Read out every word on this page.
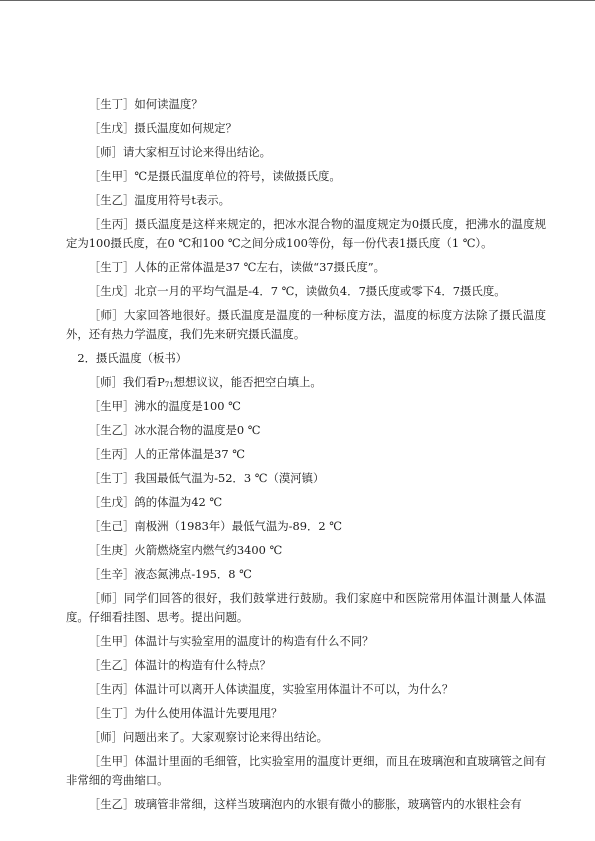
［生丁］如何读温度？

［生戊］摄氏温度如何规定？

［师］请大家相互讨论来得出结论。

［生甲］℃是摄氏温度单位的符号，读做摄氏度。

［生乙］温度用符号t表示。

［生丙］摄氏温度是这样来规定的，把冰水混合物的温度规定为0摄氏度，把沸水的温度规定为100摄氏度，在0 ℃和100 ℃之间分成100等份，每一份代表1摄氏度（1 ℃）。

［生丁］人体的正常体温是37 ℃左右，读做“37摄氏度”。

［生戊］北京一月的平均气温是-4．7 ℃，读做负4．7摄氏度或零下4．7摄氏度。

［师］大家回答地很好。摄氏温度是温度的一种标度方法，温度的标度方法除了摄氏温度外，还有热力学温度，我们先来研究摄氏温度。

2．摄氏温度（板书）

［师］我们看$P_{71}$想想议议，能否把空白填上。

［生甲］沸水的温度是100 ℃

［生乙］冰水混合物的温度是0 ℃

［生丙］人的正常体温是37 ℃

［生丁］我国最低气温为-52．3 ℃（漠河镇）

［生戊］鸽的体温为42 ℃

［生己］南极洲（1983年）最低气温为-89．2 ℃

［生庚］火箭燃烧室内燃气约3400 ℃

［生辛］液态氮沸点-195．8 ℃

［师］同学们回答的很好，我们鼓掌进行鼓励。我们家庭中和医院常用体温计测量人体温度。仔细看挂图、思考。提出问题。

［生甲］体温计与实验室用的温度计的构造有什么不同？

［生乙］体温计的构造有什么特点？

［生丙］体温计可以离开人体读温度，实验室用体温计不可以，为什么？

［生丁］为什么使用体温计先要甩甩？

［师］问题出来了。大家观察讨论来得出结论。

［生甲］体温计里面的毛细管，比实验室用的温度计更细，而且在玻璃泡和直玻璃管之间有非常细的弯曲缩口。

［生乙］玻璃管非常细，这样当玻璃泡内的水银有微小的膨胀，玻璃管内的水银柱会有
